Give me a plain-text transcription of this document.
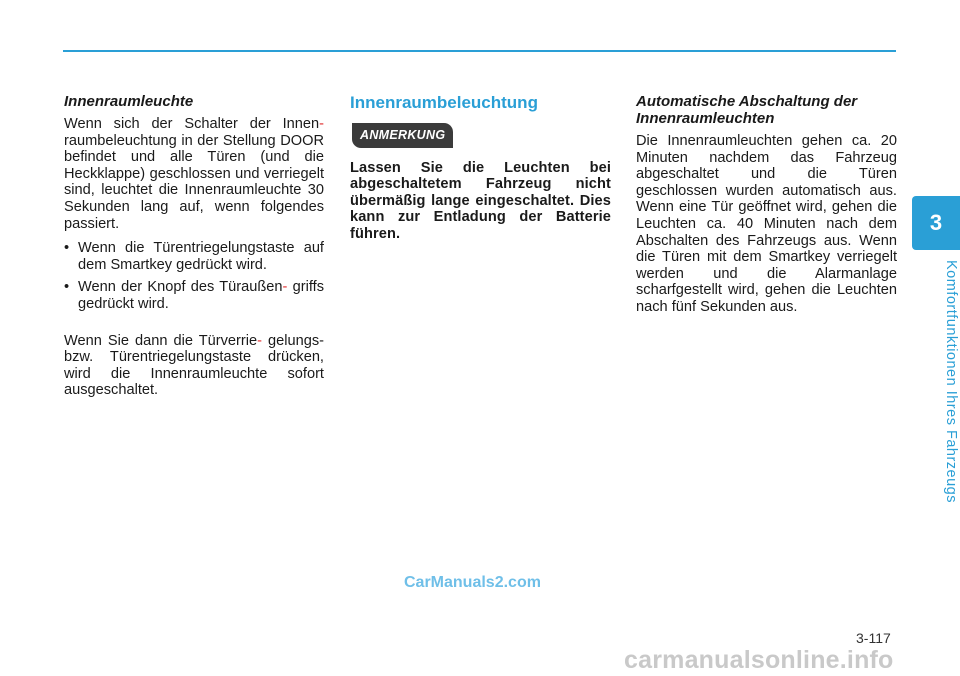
Innenraumleuchte

Wenn sich der Schalter der Innen- raumbeleuchtung in der Stellung DOOR befindet und alle Türen (und die Heckklappe) geschlossen und verriegelt sind, leuchtet die Innenraumleuchte 30 Sekunden lang auf, wenn folgendes passiert.

• Wenn die Türentriegelungstaste auf dem Smartkey gedrückt wird.
• Wenn der Knopf des Türaußen- griffs gedrückt wird.

Wenn Sie dann die Türverrie- gelungs- bzw. Türentriegelungstaste drücken, wird die Innenraumleuchte sofort ausgeschaltet.

Innenraumbeleuchtung
ANMERKUNG

Lassen Sie die Leuchten bei abgeschaltetem Fahrzeug nicht übermäßig lange eingeschaltet. Dies kann zur Entladung der Batterie führen.

Automatische Abschaltung der Innenraumleuchten

Die Innenraumleuchten gehen ca. 20 Minuten nachdem das Fahrzeug abgeschaltet und die Türen geschlossen wurden automatisch aus. Wenn eine Tür geöffnet wird, gehen die Leuchten ca. 40 Minuten nach dem Abschalten des Fahrzeugs aus. Wenn die Türen mit dem Smartkey verriegelt werden und die Alarmanlage scharfgestellt wird, gehen die Leuchten nach fünf Sekunden aus.

3
Komfortfunktionen Ihres Fahrzeugs
CarManuals2.com
3-117
carmanualsonline.info
